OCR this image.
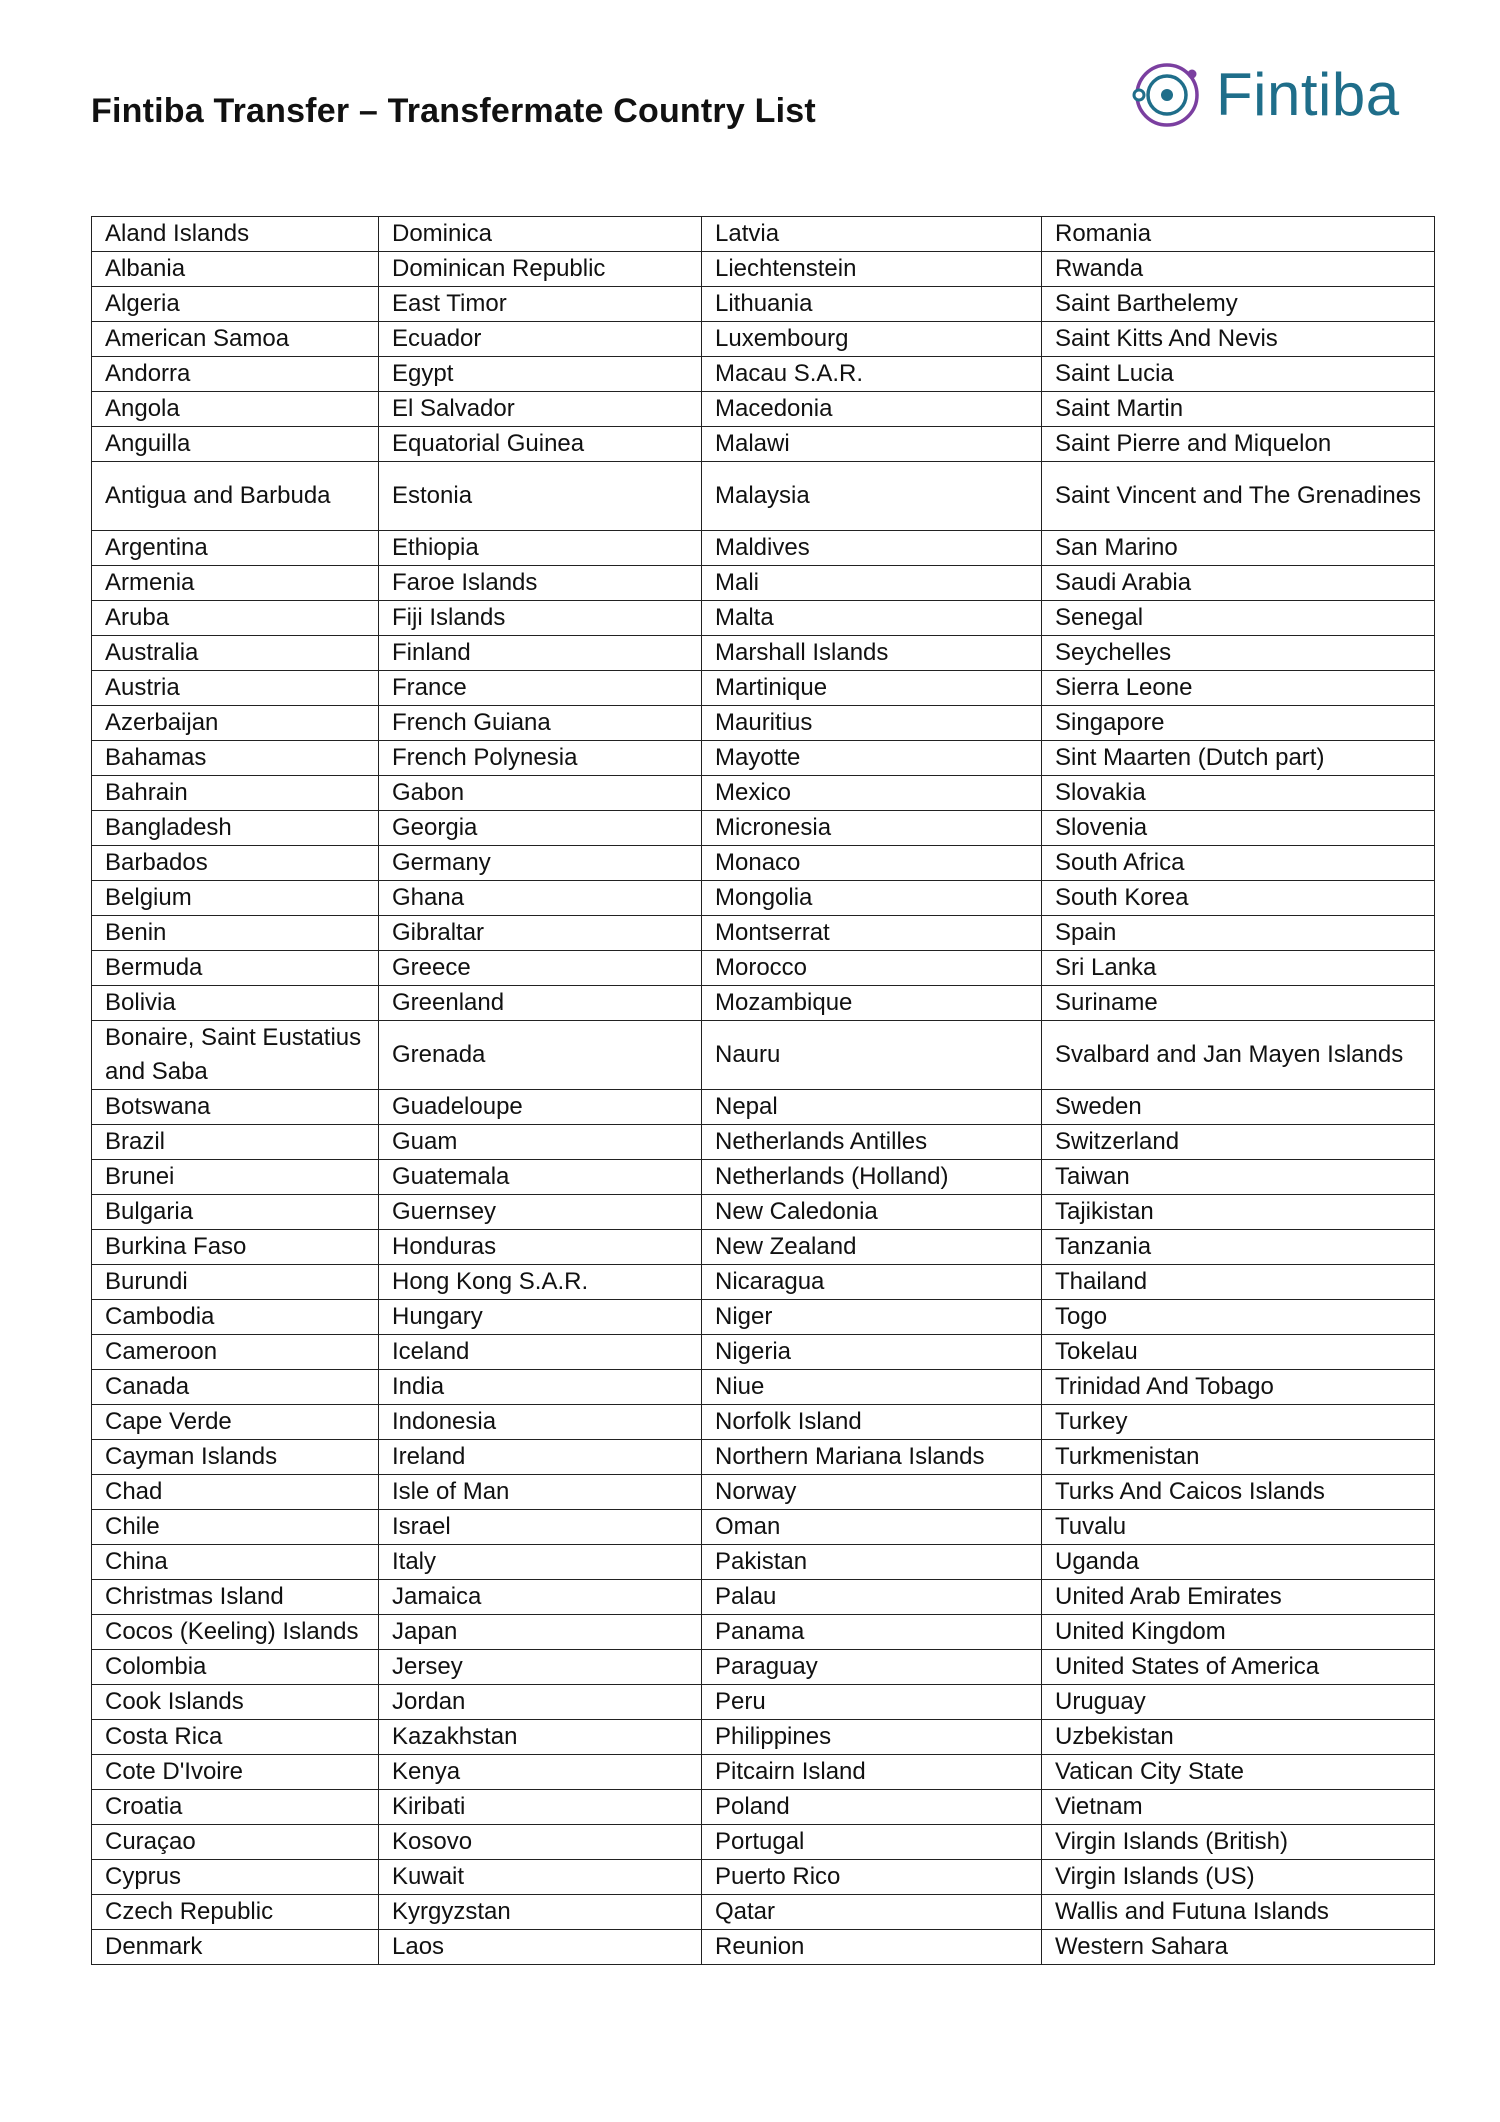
Fintiba Transfer – Transfermate Country List	Fintiba
Aland Islands	Dominica	Latvia	Romania
Albania	Dominican Republic	Liechtenstein	Rwanda
Algeria	East Timor	Lithuania	Saint Barthelemy
American Samoa	Ecuador	Luxembourg	Saint Kitts And Nevis
Andorra	Egypt	Macau S.A.R.	Saint Lucia
Angola	El Salvador	Macedonia	Saint Martin
Anguilla	Equatorial Guinea	Malawi	Saint Pierre and Miquelon
Antigua and Barbuda	Estonia	Malaysia	Saint Vincent and The Grenadines
Argentina	Ethiopia	Maldives	San Marino
Armenia	Faroe Islands	Mali	Saudi Arabia
Aruba	Fiji Islands	Malta	Senegal
Australia	Finland	Marshall Islands	Seychelles
Austria	France	Martinique	Sierra Leone
Azerbaijan	French Guiana	Mauritius	Singapore
Bahamas	French Polynesia	Mayotte	Sint Maarten (Dutch part)
Bahrain	Gabon	Mexico	Slovakia
Bangladesh	Georgia	Micronesia	Slovenia
Barbados	Germany	Monaco	South Africa
Belgium	Ghana	Mongolia	South Korea
Benin	Gibraltar	Montserrat	Spain
Bermuda	Greece	Morocco	Sri Lanka
Bolivia	Greenland	Mozambique	Suriname
Bonaire, Saint Eustatius and Saba	Grenada	Nauru	Svalbard and Jan Mayen Islands
Botswana	Guadeloupe	Nepal	Sweden
Brazil	Guam	Netherlands Antilles	Switzerland
Brunei	Guatemala	Netherlands (Holland)	Taiwan
Bulgaria	Guernsey	New Caledonia	Tajikistan
Burkina Faso	Honduras	New Zealand	Tanzania
Burundi	Hong Kong S.A.R.	Nicaragua	Thailand
Cambodia	Hungary	Niger	Togo
Cameroon	Iceland	Nigeria	Tokelau
Canada	India	Niue	Trinidad And Tobago
Cape Verde	Indonesia	Norfolk Island	Turkey
Cayman Islands	Ireland	Northern Mariana Islands	Turkmenistan
Chad	Isle of Man	Norway	Turks And Caicos Islands
Chile	Israel	Oman	Tuvalu
China	Italy	Pakistan	Uganda
Christmas Island	Jamaica	Palau	United Arab Emirates
Cocos (Keeling) Islands	Japan	Panama	United Kingdom
Colombia	Jersey	Paraguay	United States of America
Cook Islands	Jordan	Peru	Uruguay
Costa Rica	Kazakhstan	Philippines	Uzbekistan
Cote D'Ivoire	Kenya	Pitcairn Island	Vatican City State
Croatia	Kiribati	Poland	Vietnam
Curaçao	Kosovo	Portugal	Virgin Islands (British)
Cyprus	Kuwait	Puerto Rico	Virgin Islands (US)
Czech Republic	Kyrgyzstan	Qatar	Wallis and Futuna Islands
Denmark	Laos	Reunion	Western Sahara
